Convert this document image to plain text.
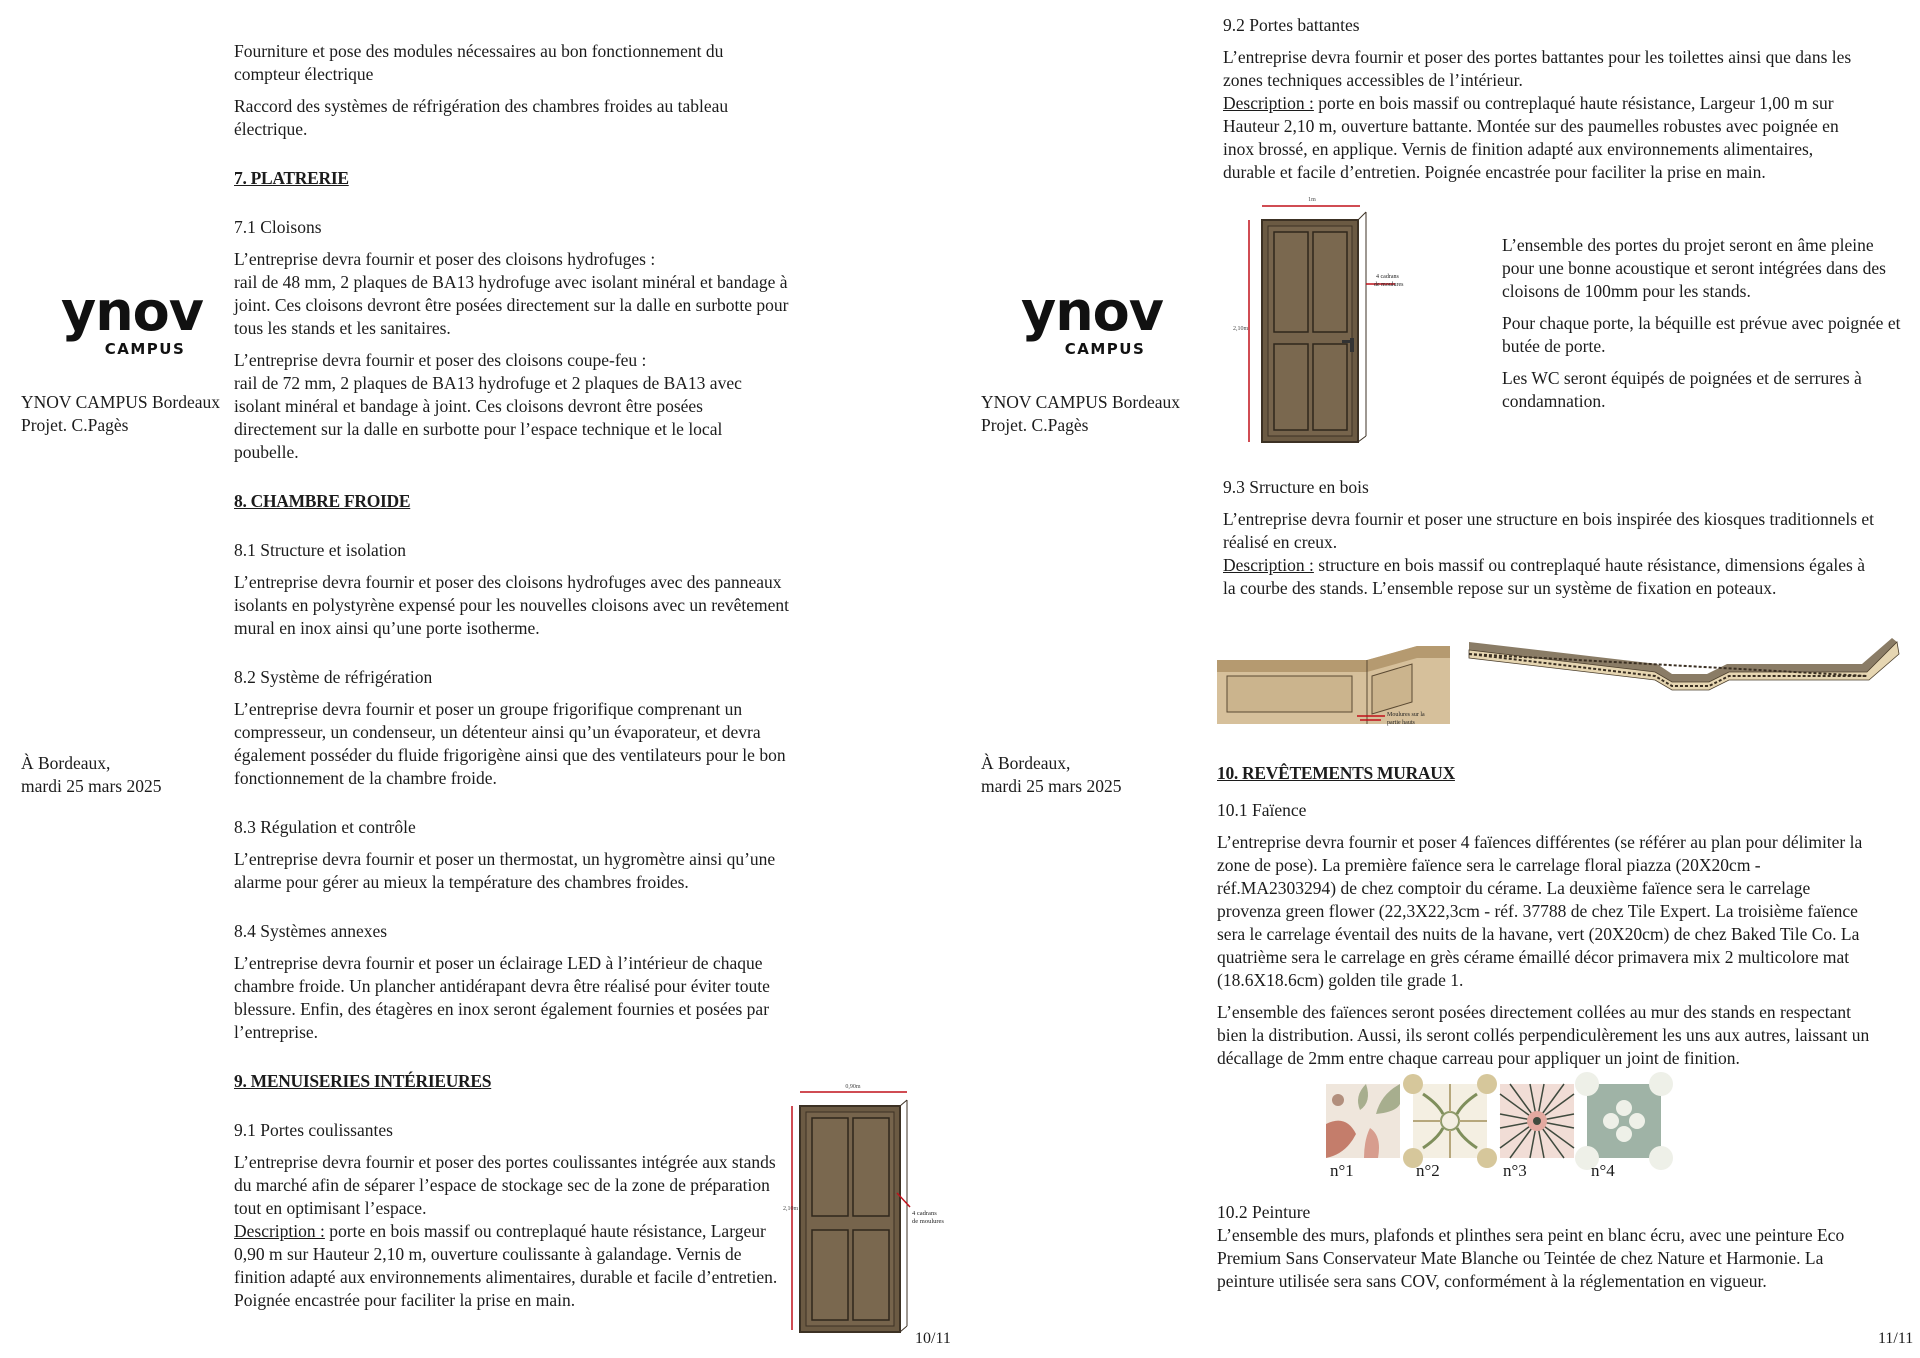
ynov
CAMPUS
YNOV CAMPUS Bordeaux
Projet. C.Pagès
À Bordeaux,
mardi 25 mars 2025

Fourniture et pose des modules nécessaires au bon fonctionnement du compteur électrique

Raccord des systèmes de réfrigération des chambres froides au tableau électrique.

7. PLATRERIE

7.1 Cloisons

L’entreprise devra fournir et poser des cloisons hydrofuges :

rail de 48 mm, 2 plaques de BA13 hydrofuge avec isolant minéral et bandage à joint. Ces cloisons devront être posées directement sur la dalle en surbotte pour tous les stands et les sanitaires.

L’entreprise devra fournir et poser des cloisons coupe-feu :

rail de 72 mm, 2 plaques de BA13 hydrofuge et 2 plaques de BA13 avec isolant minéral et bandage à joint. Ces cloisons devront être posées directement sur la dalle en surbotte pour l’espace technique et le local poubelle.

8. CHAMBRE FROIDE

8.1 Structure et isolation

L’entreprise devra fournir et poser des cloisons hydrofuges avec des panneaux isolants en polystyrène expensé pour les nouvelles cloisons avec un revêtement mural en inox ainsi qu’une porte isotherme.

8.2 Système de réfrigération

L’entreprise devra fournir et poser un groupe frigorifique comprenant un compresseur, un condenseur, un détenteur ainsi qu’un évaporateur, et devra également posséder du fluide frigorigène ainsi que des ventilateurs pour le bon fonctionnement de la chambre froide.

8.3 Régulation et contrôle

L’entreprise devra fournir et poser un thermostat, un hygromètre ainsi qu’une alarme pour gérer au mieux la température des chambres froides.

8.4 Systèmes annexes

L’entreprise devra fournir et poser un éclairage LED à l’intérieur de chaque chambre froide. Un plancher antidérapant devra être réalisé pour éviter toute blessure. Enfin, des étagères en inox seront également fournies et posées par l’entreprise.

9. MENUISERIES INTÉRIEURES

9.1 Portes coulissantes

L’entreprise devra fournir et poser des portes coulissantes intégrée aux stands du marché afin de séparer l’espace de stockage sec de la zone de préparation tout en optimisant l’espace.
Description : porte en bois massif ou contreplaqué haute résistance, Largeur 0,90 m sur Hauteur 2,10 m, ouverture coulissante à galandage. Vernis de finition adapté aux environnements alimentaires, durable et facile d’entretien. Poignée encastrée pour faciliter la prise en main.
0,90m
2,10m
4 cadrans
de moulures
10/11
ynov
CAMPUS
YNOV CAMPUS Bordeaux
Projet. C.Pagès
À Bordeaux,
mardi 25 mars 2025

9.2 Portes battantes

L’entreprise devra fournir et poser des portes battantes pour les toilettes ainsi que dans les zones techniques accessibles de l’intérieur.
Description : porte en bois massif ou contreplaqué haute résistance, Largeur 1,00 m sur Hauteur 2,10 m, ouverture battante. Montée sur des paumelles robustes avec poignée en inox brossé, en applique. Vernis de finition adapté aux environnements alimentaires, durable et facile d’entretien. Poignée encastrée pour faciliter la prise en main.
1m
2,10m
4 cadrans
de moulures

L’ensemble des portes du projet seront en âme pleine pour une bonne acoustique et seront intégrées dans des cloisons de 100mm pour les stands.

Pour chaque porte, la béquille est prévue avec poignée et butée de porte.

Les WC seront équipés de poignées et de serrures à condamnation.

9.3 Srructure en bois

L’entreprise devra fournir et poser une structure en bois inspirée des kiosques traditionnels et réalisé en creux.
Description : structure en bois massif ou contreplaqué haute résistance, dimensions égales à la courbe des stands. L’ensemble repose sur un système de fixation en poteaux.
Moulures sur la
partie hauts

10. REVÊTEMENTS MURAUX

10.1 Faïence

L’entreprise devra fournir et poser 4 faïences différentes (se référer au plan pour délimiter la zone de pose). La première faïence sera le carrelage floral piazza (20X20cm - réf.MA2303294) de chez comptoir du cérame. La deuxième faïence sera le carrelage provenza green flower (22,3X22,3cm - réf. 37788 de chez Tile Expert. La troisième faïence sera le carrelage éventail des nuits de la havane, vert (20X20cm) de chez Baked Tile Co. La quatrième sera le carrelage en grès cérame émaillé décor primavera mix 2 multicolore mat (18.6X18.6cm) golden tile grade 1.

L’ensemble des faïences seront posées directement collées au mur des stands en respectant bien la distribution. Aussi, ils seront collés perpendiculèrement les uns aux autres, laissant un décallage de 2mm entre chaque carreau pour appliquer un joint de finition.

n°1	n°2	n°3	n°4

10.2 Peinture

L’ensemble des murs, plafonds et plinthes sera peint en blanc écru, avec une peinture Eco Premium Sans Conservateur Mate Blanche ou Teintée de chez Nature et Harmonie. La peinture utilisée sera sans COV, conformément à la réglementation en vigueur.

11/11
